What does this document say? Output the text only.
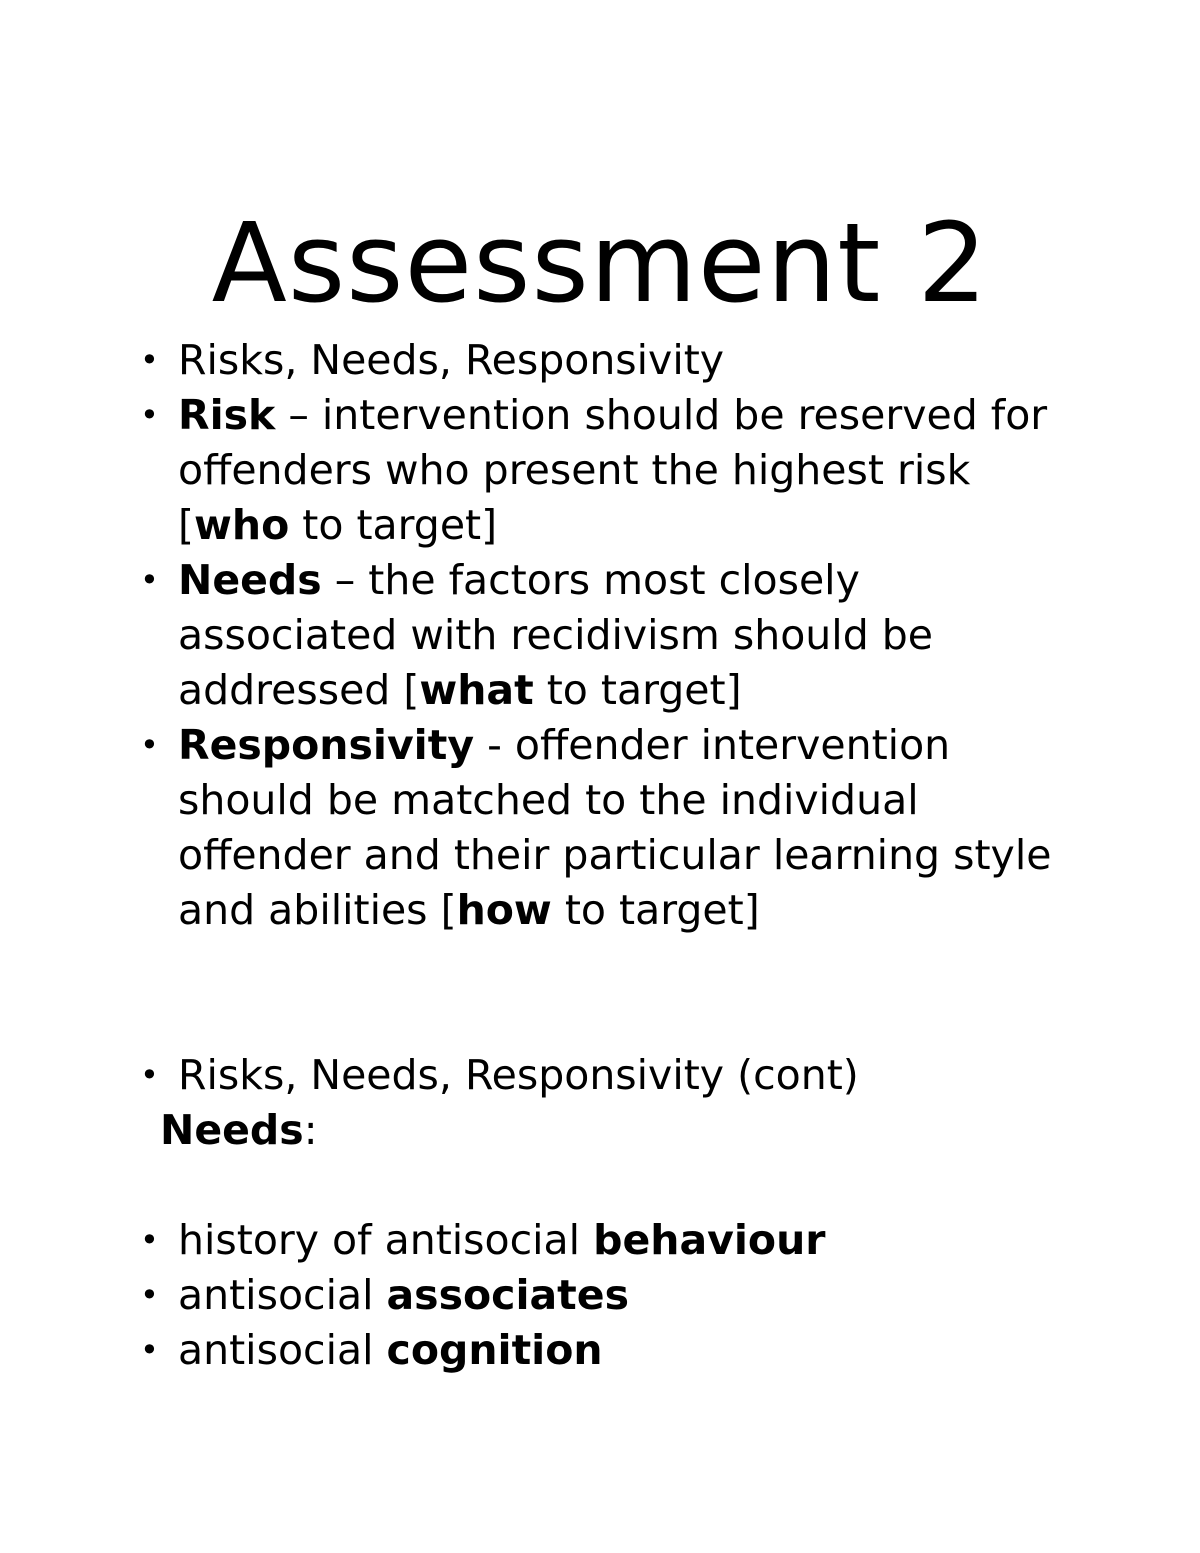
Assessment 2
• Risks, Needs, Responsivity
• Risk – intervention should be reserved for offenders who present the highest risk [who to target]
• Needs – the factors most closely associated with recidivism should be addressed [what to target]
• Responsivity - offender intervention should be matched to the individual offender and their particular learning style and abilities [how to target]
• Risks, Needs, Responsivity (cont)
Needs:
• history of antisocial behaviour
• antisocial associates
• antisocial cognition
